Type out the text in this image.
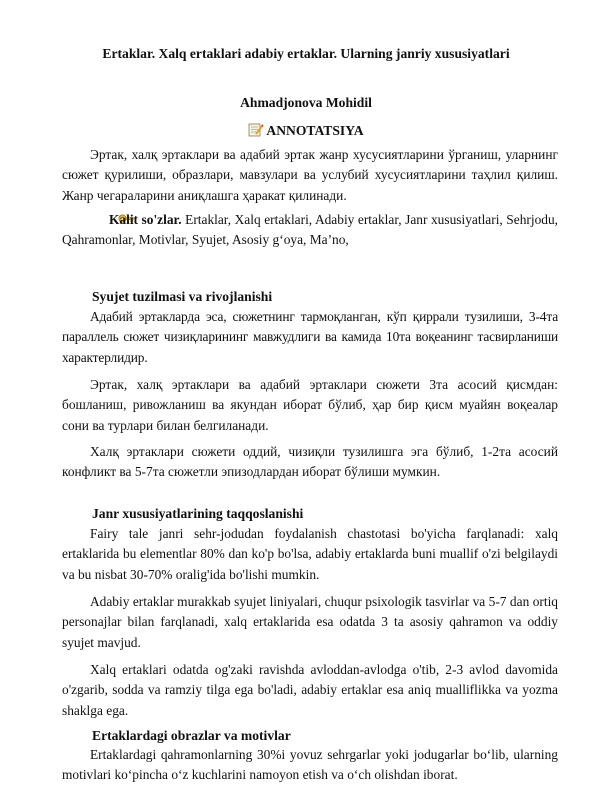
Ertaklar. Xalq ertaklari adabiy ertaklar. Ularning janriy xususiyatlari
Ahmadjonova Mohidil
ANNOTATSIYA
Эртак, халқ эртаклари ва адабий эртак жанр хусусиятларини ўрганиш, уларнинг сюжет қурилиши, образлари, мавзулари ва услубий хусусиятларини таҳлил қилиш. Жанр чегараларини аниқлашга ҳаракат қилинади.
Kalit so'zlar. Ertaklar, Xalq ertaklari, Adabiy ertaklar, Janr xususiyatlari, Sehrjodu, Qahramonlar, Motivlar, Syujet, Asosiy g‘oya, Ma’no,
Syujet tuzilmasi va rivojlanishi
Адабий эртакларда эса, сюжетнинг тармоқланган, кўп қиррали тузилиши, 3-4та параллель сюжет чизиқларининг мавжудлиги ва камида 10та воқеанинг тасвирланиши характерлидир.
Эртак, халқ эртаклари ва адабий эртаклари сюжети 3та асосий қисмдан: бошланиш, ривожланиш ва якундан иборат бўлиб, ҳар бир қисм муайян воқеалар сони ва турлари билан белгиланади.
Халқ эртаклари сюжети оддий, чизиқли тузилишга эга бўлиб, 1-2та асосий конфликт ва 5-7та сюжетли эпизодлардан иборат бўлиши мумкин.
Janr xususiyatlarining taqqoslanishi
Fairy tale janri sehr-jodudan foydalanish chastotasi bo'yicha farqlanadi: xalq ertaklarida bu elementlar 80% dan ko'p bo'lsa, adabiy ertaklarda buni muallif o'zi belgilaydi va bu nisbat 30-70% oralig'ida bo'lishi mumkin.
Adabiy ertaklar murakkab syujet liniyalari, chuqur psixologik tasvirlar va 5-7 dan ortiq personajlar bilan farqlanadi, xalq ertaklarida esa odatda 3 ta asosiy qahramon va oddiy syujet mavjud.
Xalq ertaklari odatda og'zaki ravishda avloddan-avlodga o'tib, 2-3 avlod davomida o'zgarib, sodda va ramziy tilga ega bo'ladi, adabiy ertaklar esa aniq mualliflikka va yozma shaklga ega.
Ertaklardagi obrazlar va motivlar
Ertaklardagi qahramonlarning 30%i yovuz sehrgarlar yoki jodugarlar bo‘lib, ularning motivlari ko‘pincha o‘z kuchlarini namoyon etish va o‘ch olishdan iborat.
